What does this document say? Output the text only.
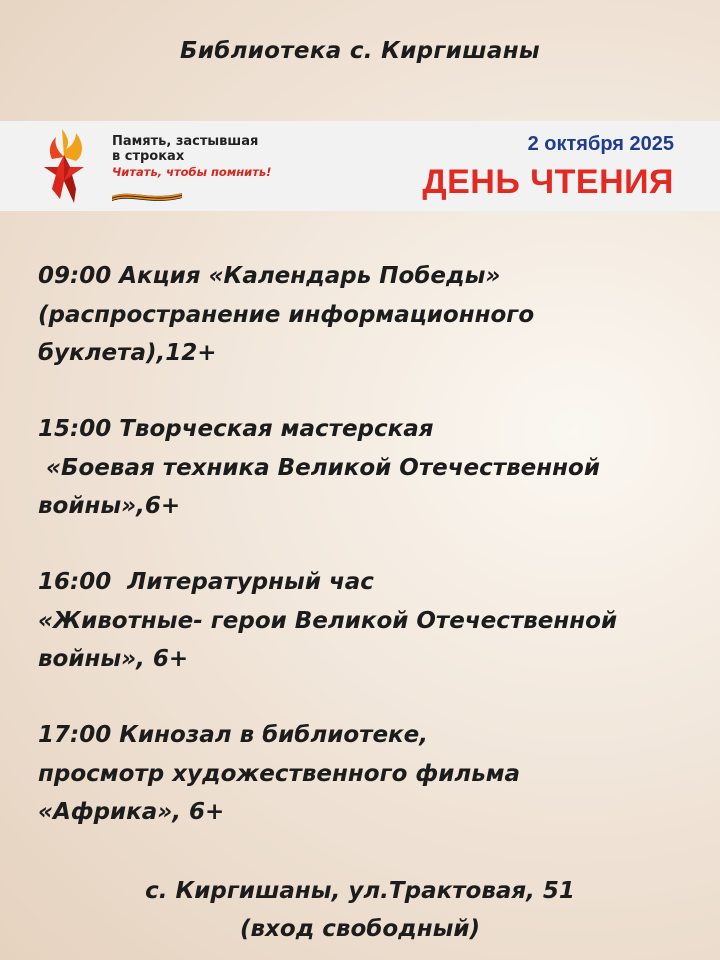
Библиотека с. Киргишаны
Память, застывшая
в строках
Читать, чтобы помнить!
2 октября 2025
ДЕНЬ ЧТЕНИЯ
09:00 Акция «Календарь Победы»
(распространение информационного
буклета),12+
15:00 Творческая мастерская
«Боевая техника Великой Отечественной
войны»,6+
16:00  Литературный час
«Животные- герои Великой Отечественной
войны», 6+
17:00 Кинозал в библиотеке,
просмотр художественного фильма
«Африка», 6+
с. Киргишаны, ул.Трактовая, 51
(вход свободный)
